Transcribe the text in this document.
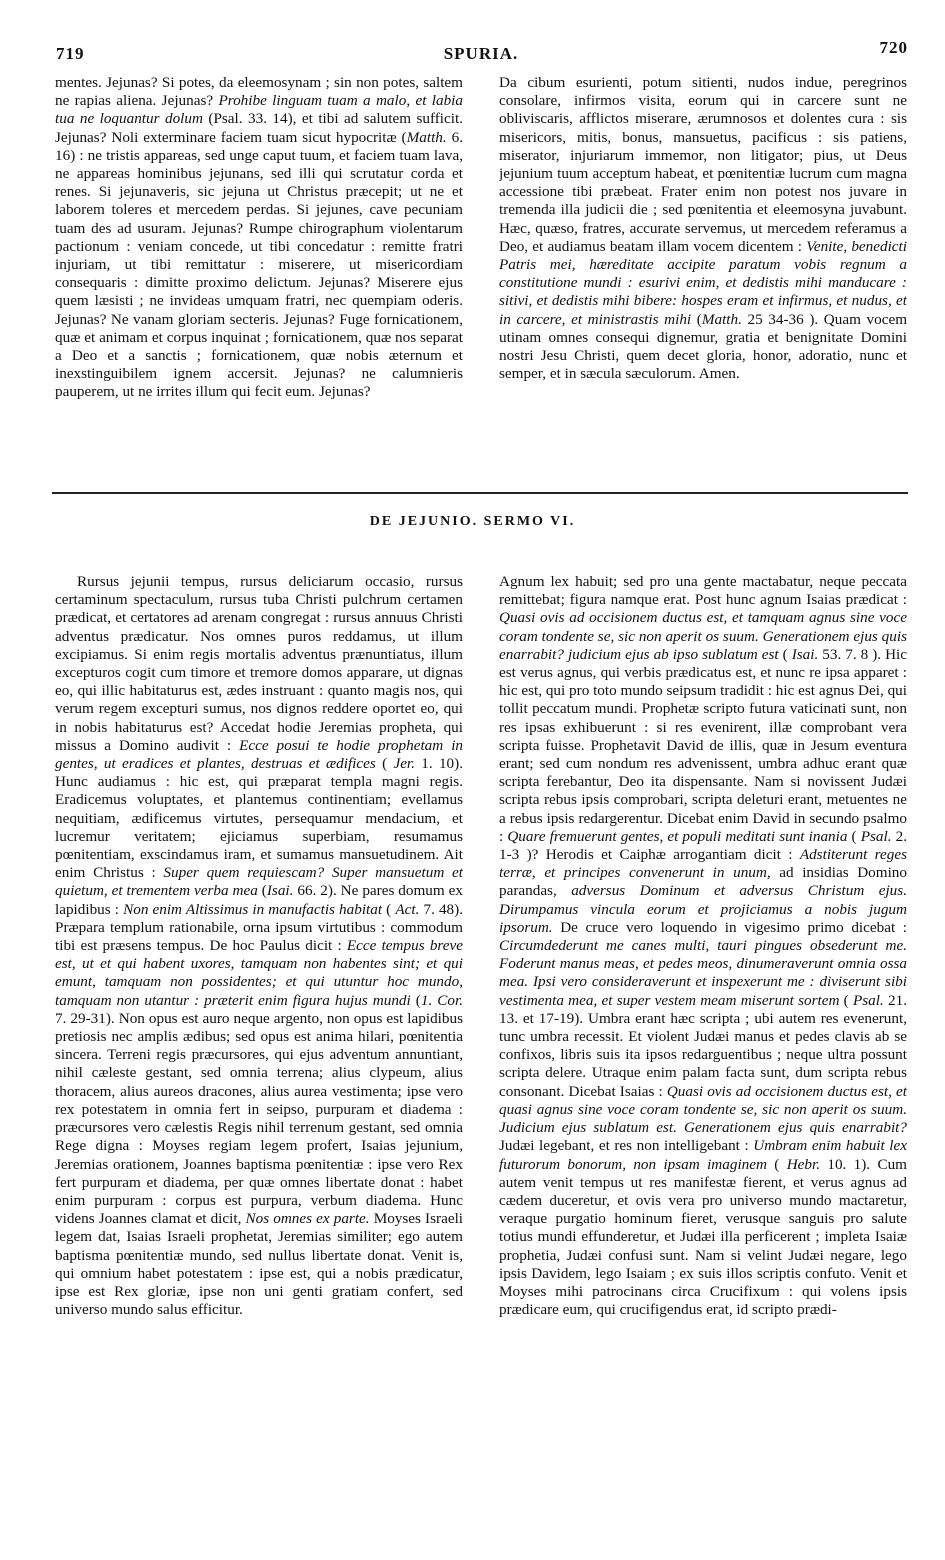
719	SPURIA.	720

mentes. Jejunas? Si potes, da eleemosynam ; sin non potes, saltem ne rapias aliena. Jejunas? Prohibe linguam tuam a malo, et labia tua ne loquantur dolum (Psal. 33. 14), et tibi ad salutem sufficit. Jejunas? Noli exterminare faciem tuam sicut hypocritæ (Matth. 6. 16) : ne tristis appareas, sed unge caput tuum, et faciem tuam lava, ne appareas hominibus jejunans, sed illi qui scrutatur corda et renes. Si jejunaveris, sic jejuna ut Christus præcepit; ut ne et laborem toleres et mercedem perdas. Si jejunes, cave pecuniam tuam des ad usuram. Jejunas? Rumpe chirographum violentarum pactionum : veniam concede, ut tibi concedatur : remitte fratri injuriam, ut tibi remittatur : miserere, ut misericordiam consequaris : dimitte proximo delictum. Jejunas? Miserere ejus quem læsisti ; ne invideas umquam fratri, nec quempiam oderis. Jejunas? Ne vanam gloriam secteris. Jejunas? Fuge fornicationem, quæ et animam et corpus inquinat ; fornicationem, quæ nos separat a Deo et a sanctis ; fornicationem, quæ nobis æternum et inexstinguibilem ignem accersit. Jejunas? ne calumnieris pauperem, ut ne irrites illum qui fecit eum. Jejunas?

Da cibum esurienti, potum sitienti, nudos indue, peregrinos consolare, infirmos visita, eorum qui in carcere sunt ne obliviscaris, afflictos miserare, ærumnosos et dolentes cura : sis misericors, mitis, bonus, mansuetus, pacificus : sis patiens, miserator, injuriarum immemor, non litigator; pius, ut Deus jejunium tuum acceptum habeat, et pœnitentiæ lucrum cum magna accessione tibi præbeat. Frater enim non potest nos juvare in tremenda illa judicii die ; sed pœnitentia et eleemosyna juvabunt. Hæc, quæso, fratres, accurate servemus, ut mercedem referamus a Deo, et audiamus beatam illam vocem dicentem : Venite, benedicti Patris mei, hæreditate accipite paratum vobis regnum a constitutione mundi : esurivi enim, et dedistis mihi manducare : sitivi, et dedistis mihi bibere: hospes eram et infirmus, et nudus, et in carcere, et ministrastis mihi (Matth. 25 34-36 ). Quam vocem utinam omnes consequi dignemur, gratia et benignitate Domini nostri Jesu Christi, quem decet gloria, honor, adoratio, nunc et semper, et in sæcula sæculorum. Amen.

DE JEJUNIO. SERMO VI.

Rursus jejunii tempus, rursus deliciarum occasio, rursus certaminum spectaculum, rursus tuba Christi pulchrum certamen prædicat, et certatores ad arenam congregat : rursus annuus Christi adventus prædicatur. Nos omnes puros reddamus, ut illum excipiamus. Si enim regis mortalis adventus prænuntiatus, illum excepturos cogit cum timore et tremore domos apparare, ut dignas eo, qui illic habitaturus est, ædes instruant : quanto magis nos, qui verum regem excepturi sumus, nos dignos reddere oportet eo, qui in nobis habitaturus est? Accedat hodie Jeremias propheta, qui missus a Domino audivit : Ecce posui te hodie prophetam in gentes, ut eradices et plantes, destruas et ædifices ( Jer. 1. 10). Hunc audiamus : hic est, qui præparat templa magni regis. Eradicemus voluptates, et plantemus continentiam; evellamus nequitiam, ædificemus virtutes, persequamur mendacium, et lucremur veritatem; ejiciamus superbiam, resumamus pœnitentiam, exscindamus iram, et sumamus mansuetudinem. Ait enim Christus : Super quem requiescam? Super mansuetum et quietum, et trementem verba mea (Isai. 66. 2). Ne pares domum ex lapidibus : Non enim Altissimus in manufactis habitat ( Act. 7. 48). Præpara templum rationabile, orna ipsum virtutibus : commodum tibi est præsens tempus. De hoc Paulus dicit : Ecce tempus breve est, ut et qui habent uxores, tamquam non habentes sint; et qui emunt, tamquam non possidentes; et qui utuntur hoc mundo, tamquam non utantur : præterit enim figura hujus mundi (1. Cor. 7. 29-31). Non opus est auro neque argento, non opus est lapidibus pretiosis nec amplis ædibus; sed opus est anima hilari, pœnitentia sincera. Terreni regis præcursores, qui ejus adventum annuntiant, nihil cæleste gestant, sed omnia terrena; alius clypeum, alius thoracem, alius aureos dracones, alius aurea vestimenta; ipse vero rex potestatem in omnia fert in seipso, purpuram et diadema : præcursores vero cælestis Regis nihil terrenum gestant, sed omnia Rege digna : Moyses regiam legem profert, Isaias jejunium, Jeremias orationem, Joannes baptisma pœnitentiæ : ipse vero Rex fert purpuram et diadema, per quæ omnes libertate donat : habet enim purpuram : corpus est purpura, verbum diadema. Hunc videns Joannes clamat et dicit, Nos omnes ex parte. Moyses Israeli legem dat, Isaias Israeli prophetat, Jeremias similiter; ego autem baptisma pœnitentiæ mundo, sed nullus libertate donat. Venit is, qui omnium habet potestatem : ipse est, qui a nobis prædicatur, ipse est Rex gloriæ, ipse non uni genti gratiam confert, sed universo mundo salus efficitur.

Agnum lex habuit; sed pro una gente mactabatur, neque peccata remittebat; figura namque erat. Post hunc agnum Isaias prædicat : Quasi ovis ad occisionem ductus est, et tamquam agnus sine voce coram tondente se, sic non aperit os suum. Generationem ejus quis enarrabit? judicium ejus ab ipso sublatum est ( Isai. 53. 7. 8 ). Hic est verus agnus, qui verbis prædicatus est, et nunc re ipsa apparet : hic est, qui pro toto mundo seipsum tradidit : hic est agnus Dei, qui tollit peccatum mundi. Prophetæ scripto futura vaticinati sunt, non res ipsas exhibuerunt : si res evenirent, illæ comprobant vera scripta fuisse. Prophetavit David de illis, quæ in Jesum eventura erant; sed cum nondum res advenissent, umbra adhuc erant quæ scripta ferebantur, Deo ita dispensante. Nam si novissent Judæi scripta rebus ipsis comprobari, scripta deleturi erant, metuentes ne a rebus ipsis redargerentur. Dicebat enim David in secundo psalmo : Quare fremuerunt gentes, et populi meditati sunt inania ( Psal. 2. 1-3 )? Herodis et Caiphæ arrogantiam dicit : Adstiterunt reges terræ, et principes convenerunt in unum, ad insidias Domino parandas, adversus Dominum et adversus Christum ejus. Dirumpamus vincula eorum et projiciamus a nobis jugum ipsorum. De cruce vero loquendo in vigesimo primo dicebat : Circumdederunt me canes multi, tauri pingues obsederunt me. Foderunt manus meas, et pedes meos, dinumeraverunt omnia ossa mea. Ipsi vero consideraverunt et inspexerunt me : diviserunt sibi vestimenta mea, et super vestem meam miserunt sortem ( Psal. 21. 13. et 17-19). Umbra erant hæc scripta ; ubi autem res evenerunt, tunc umbra recessit. Et violent Judæi manus et pedes clavis ab se confixos, libris suis ita ipsos redarguentibus ; neque ultra possunt scripta delere. Utraque enim palam facta sunt, dum scripta rebus consonant. Dicebat Isaias : Quasi ovis ad occisionem ductus est, et quasi agnus sine voce coram tondente se, sic non aperit os suum. Judicium ejus sublatum est. Generationem ejus quis enarrabit? Judæi legebant, et res non intelligebant : Umbram enim habuit lex futurorum bonorum, non ipsam imaginem ( Hebr. 10. 1). Cum autem venit tempus ut res manifestæ fierent, et verus agnus ad cædem duceretur, et ovis vera pro universo mundo mactaretur, veraque purgatio hominum fieret, verusque sanguis pro salute totius mundi effunderetur, et Judæi illa perficerent ; impleta Isaiæ prophetia, Judæi confusi sunt. Nam si velint Judæi negare, lego ipsis Davidem, lego Isaiam ; ex suis illos scriptis confuto. Venit et Moyses mihi patrocinans circa Crucifixum : qui volens ipsis prædicare eum, qui crucifigendus erat, id scripto prædi-
